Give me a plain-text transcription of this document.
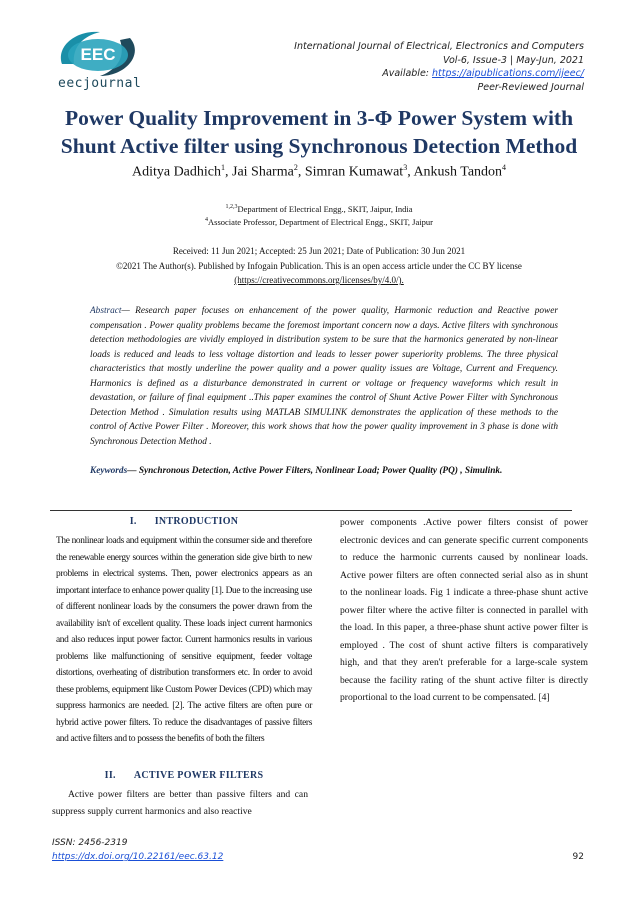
EEC
eecjournal
International Journal of Electrical, Electronics and Computers
Vol-6, Issue-3 | May-Jun, 2021
Available: https://aipublications.com/ijeec/
Peer-Reviewed Journal
Power Quality Improvement in 3-Φ Power System with
Shunt Active filter using Synchronous Detection Method
Aditya Dadhich$^1$, Jai Sharma$^2$, Simran Kumawat$^3$, Ankush Tandon$^4$
$^{1,2,3}$Department of Electrical Engg., SKIT, Jaipur, India
$^4$Associate Professor, Department of Electrical Engg., SKIT, Jaipur
Received: 11 Jun 2021; Accepted: 25 Jun 2021; Date of Publication: 30 Jun 2021
©2021 The Author(s). Published by Infogain Publication. This is an open access article under the CC BY license
(https://creativecommons.org/licenses/by/4.0/).
Abstract— Research paper focuses on enhancement of the power quality, Harmonic reduction and Reactive power compensation . Power quality problems became the foremost important concern now a days. Active filters with synchronous detection methodologies are vividly employed in distribution system to be sure that the harmonics generated by non-linear loads is reduced and leads to less voltage distortion and leads to lesser power superiority problems. The three physical characteristics that mostly underline the power quality and a power quality issues are Voltage, Current and Frequency. Harmonics is defined as a disturbance demonstrated in current or voltage or frequency waveforms which result in devastation, or failure of final equipment ..This paper examines the control of Shunt Active Power Filter with Synchronous Detection Method . Simulation results using MATLAB SIMULINK demonstrates the application of these methods to the control of Active Power Filter . Moreover, this work shows that how the power quality improvement in 3 phase is done with Synchronous Detection Method .
Keywords— Synchronous Detection, Active Power Filters, Nonlinear Load; Power Quality (PQ) , Simulink.
I. INTRODUCTION
The nonlinear loads and equipment within the consumer side and therefore the renewable energy sources within the generation side give birth to new problems in electrical systems. Then, power electronics appears as an important interface to enhance power quality [1]. Due to the increasing use of different nonlinear loads by the consumers the power drawn from the availability isn't of excellent quality. These loads inject current harmonics and also reduces input power factor. Current harmonics results in various problems like malfunctioning of sensitive equipment, feeder voltage distortions, overheating of distribution transformers etc. In order to avoid these problems, equipment like Custom Power Devices (CPD) which may suppress harmonics are needed. [2]. The active filters are often pure or hybrid active power filters. To reduce the disadvantages of passive filters and active filters and to possess the benefits of both the filters
II. ACTIVE POWER FILTERS
Active power filters are better than passive filters and can suppress supply current harmonics and also reactive
power components .Active power filters consist of power electronic devices and can generate specific current components to reduce the harmonic currents caused by nonlinear loads. Active power filters are often connected serial also as in shunt to the nonlinear loads. Fig 1 indicate a three-phase shunt active power filter where the active filter is connected in parallel with the load. In this paper, a three-phase shunt active power filter is employed . The cost of shunt active filters is comparatively high, and that they aren't preferable for a large-scale system because the facility rating of the shunt active filter is directly proportional to the load current to be compensated. [4]
ISSN: 2456-2319
https://dx.doi.org/10.22161/eec.63.12	92
